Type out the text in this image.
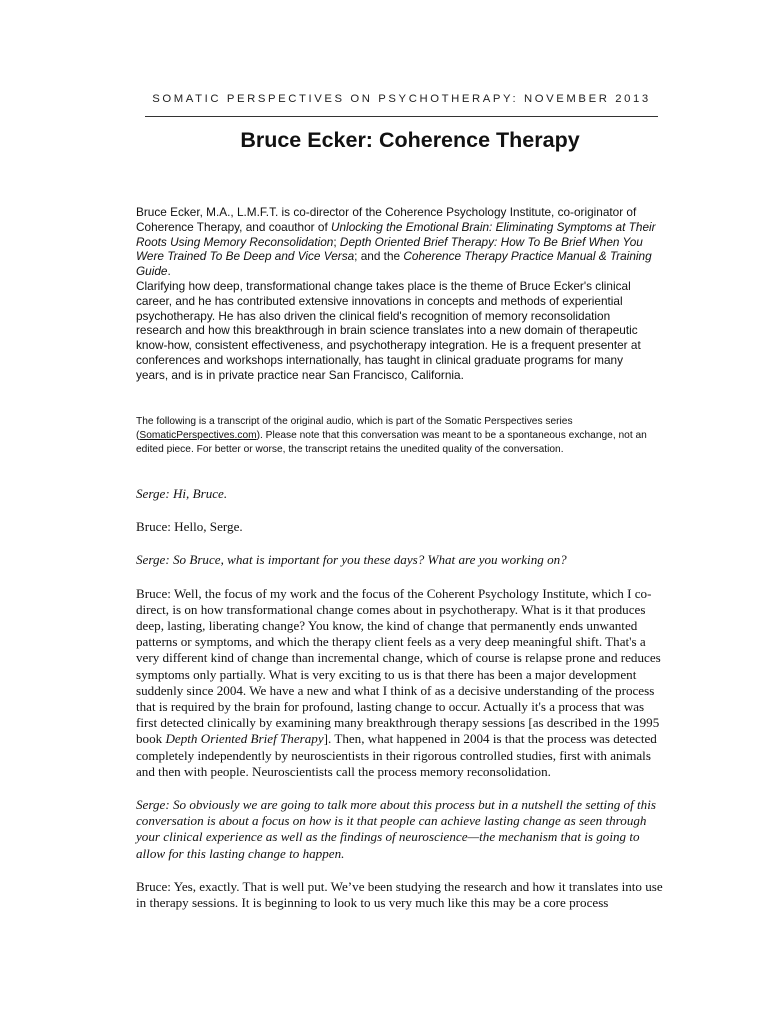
SOMATIC PERSPECTIVES ON PSYCHOTHERAPY: NOVEMBER 2013
Bruce Ecker: Coherence Therapy

Bruce Ecker, M.A., L.M.F.T. is co-director of the Coherence Psychology Institute, co-originator of Coherence Therapy, and coauthor of Unlocking the Emotional Brain: Eliminating Symptoms at Their Roots Using Memory Reconsolidation; Depth Oriented Brief Therapy: How To Be Brief When You Were Trained To Be Deep and Vice Versa; and the Coherence Therapy Practice Manual & Training Guide.

Clarifying how deep, transformational change takes place is the theme of Bruce Ecker's clinical career, and he has contributed extensive innovations in concepts and methods of experiential psychotherapy. He has also driven the clinical field's recognition of memory reconsolidation research and how this breakthrough in brain science translates into a new domain of therapeutic know-how, consistent effectiveness, and psychotherapy integration. He is a frequent presenter at conferences and workshops internationally, has taught in clinical graduate programs for many years, and is in private practice near San Francisco, California.

The following is a transcript of the original audio, which is part of the Somatic Perspectives series (SomaticPerspectives.com). Please note that this conversation was meant to be a spontaneous exchange, not an edited piece. For better or worse, the transcript retains the unedited quality of the conversation.

Serge: Hi, Bruce.

Bruce: Hello, Serge.

Serge: So Bruce, what is important for you these days? What are you working on?

Bruce: Well, the focus of my work and the focus of the Coherent Psychology Institute, which I co-direct, is on how transformational change comes about in psychotherapy. What is it that produces deep, lasting, liberating change? You know, the kind of change that permanently ends unwanted patterns or symptoms, and which the therapy client feels as a very deep meaningful shift. That's a very different kind of change than incremental change, which of course is relapse prone and reduces symptoms only partially. What is very exciting to us is that there has been a major development suddenly since 2004. We have a new and what I think of as a decisive understanding of the process that is required by the brain for profound, lasting change to occur. Actually it's a process that was first detected clinically by examining many breakthrough therapy sessions [as described in the 1995 book Depth Oriented Brief Therapy]. Then, what happened in 2004 is that the process was detected completely independently by neuroscientists in their rigorous controlled studies, first with animals and then with people. Neuroscientists call the process memory reconsolidation.

Serge: So obviously we are going to talk more about this process but in a nutshell the setting of this conversation is about a focus on how is it that people can achieve lasting change as seen through your clinical experience as well as the findings of neuroscience—the mechanism that is going to allow for this lasting change to happen.

Bruce: Yes, exactly. That is well put. We’ve been studying the research and how it translates into use in therapy sessions. It is beginning to look to us very much like this may be a core process
